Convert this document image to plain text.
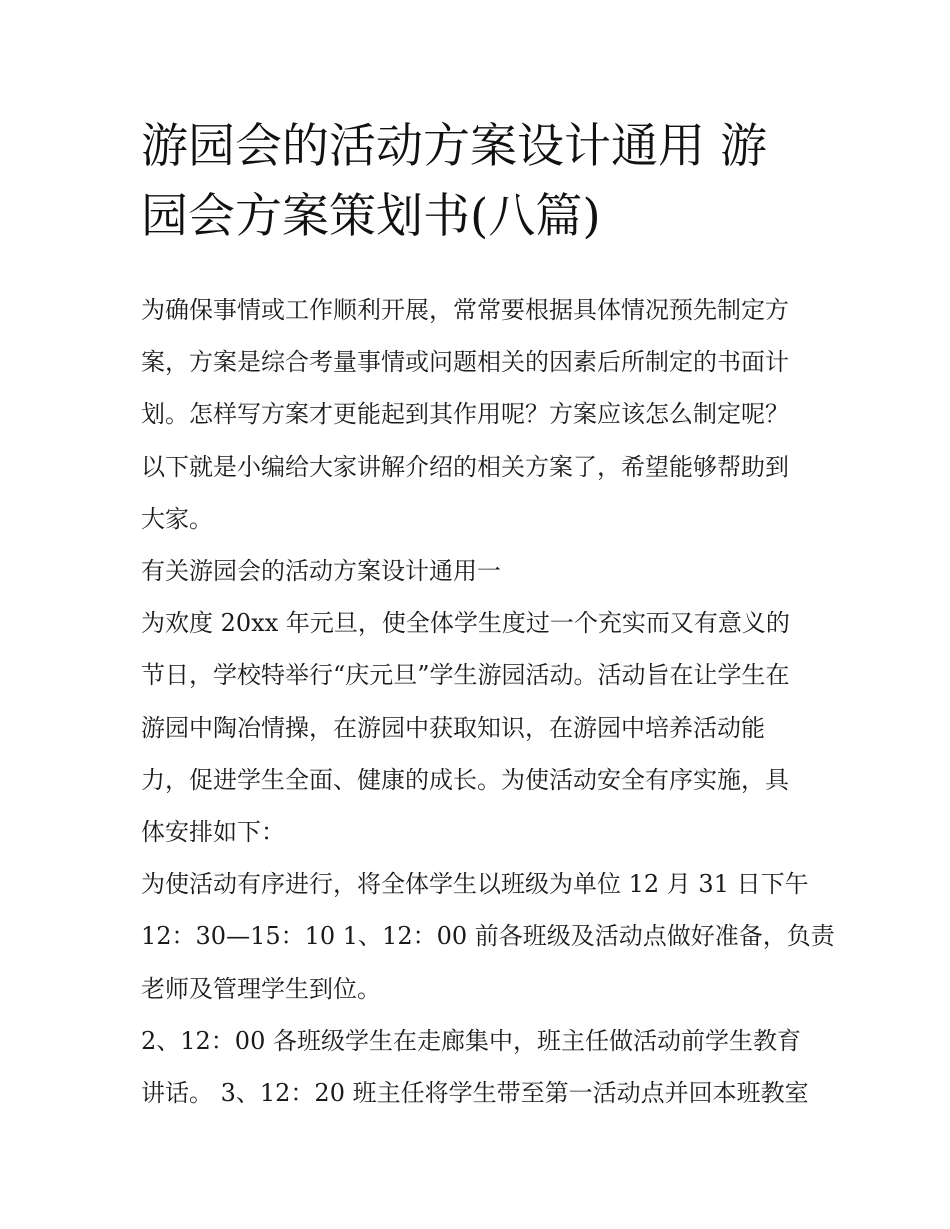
游园会的活动方案设计通用 游
园会方案策划书(八篇)
为确保事情或工作顺利开展，常常要根据具体情况预先制定方
案，方案是综合考量事情或问题相关的因素后所制定的书面计
划。怎样写方案才更能起到其作用呢？方案应该怎么制定呢？
以下就是小编给大家讲解介绍的相关方案了，希望能够帮助到
大家。
有关游园会的活动方案设计通用一
为欢度 20xx 年元旦，使全体学生度过一个充实而又有意义的
节日，学校特举行“庆元旦”学生游园活动。活动旨在让学生在
游园中陶冶情操，在游园中获取知识，在游园中培养活动能
力，促进学生全面、健康的成长。为使活动安全有序实施，具
体安排如下：
为使活动有序进行，将全体学生以班级为单位 12 月 31 日下午
12：30—15：10 1、12：00 前各班级及活动点做好准备，负责
老师及管理学生到位。
2、12：00 各班级学生在走廊集中，班主任做活动前学生教育
讲话。 3、12：20 班主任将学生带至第一活动点并回本班教室
